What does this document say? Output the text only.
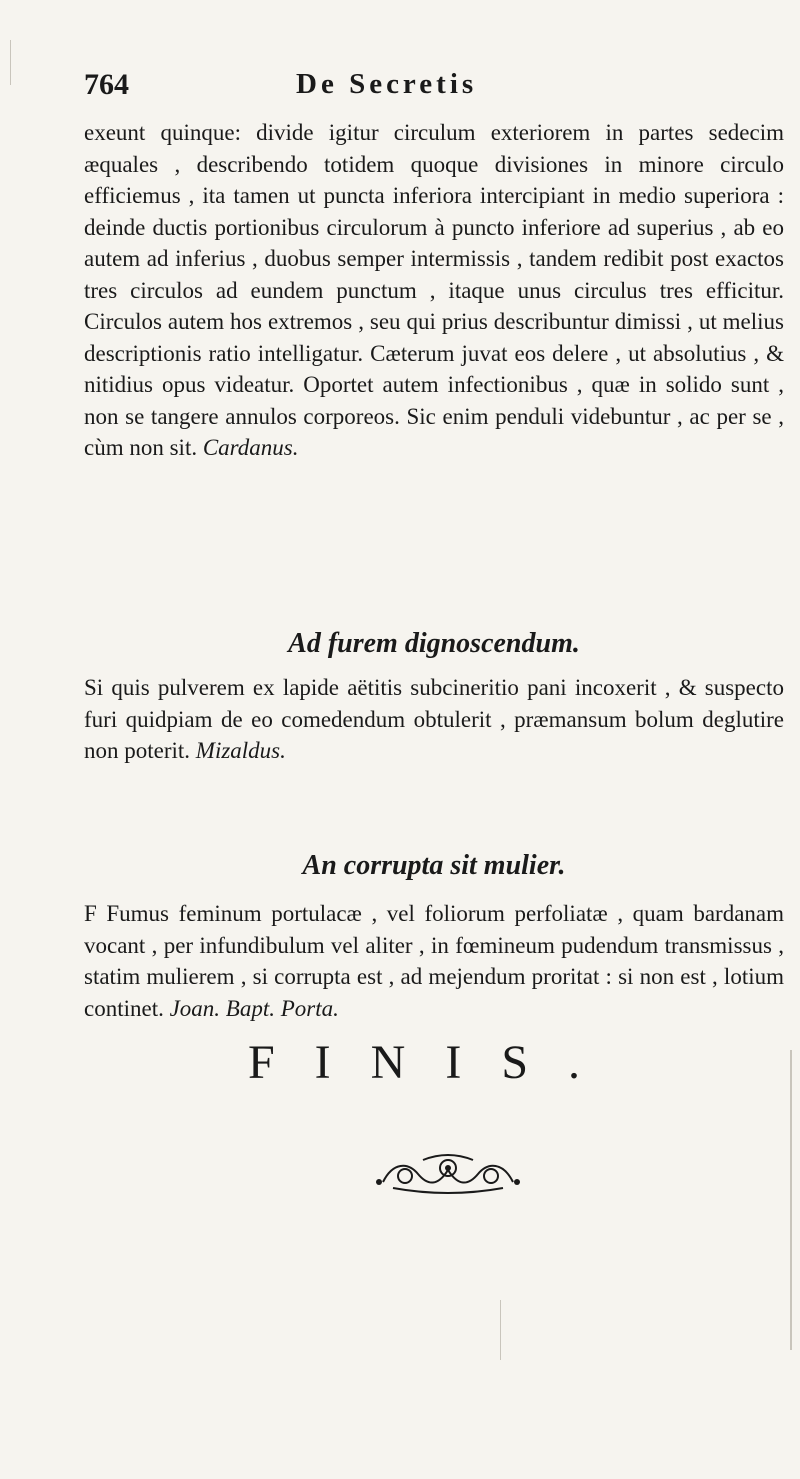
764	De Secretis

exeunt quinque: divide igitur circulum exteriorem in partes sedecim æquales , describendo totidem quoque divisiones in minore circulo efficiemus , ita tamen ut puncta inferiora intercipiant in medio superiora : deinde ductis portionibus circulorum à puncto inferiore ad superius , ab eo autem ad inferius , duobus semper intermissis , tandem redibit post exactos tres circulos ad eundem punctum , itaque unus circulus tres efficitur. Circulos autem hos extremos , seu qui prius describuntur dimissi , ut melius descriptionis ratio intelligatur. Cæterum juvat eos delere , ut absolutius , & nitidius opus videatur. Oportet autem infectionibus , quæ in solido sunt , non se tangere annulos corporeos. Sic enim penduli videbuntur , ac per se , cùm non sit. Cardanus.

Ad furem dignoscendum.

Si quis pulverem ex lapide aëtitis subcineritio pani incoxerit , & suspecto furi quidpiam de eo comedendum obtulerit , præmansum bolum deglutire non poterit. Mizaldus.

An corrupta sit mulier.

F Fumus feminum portulacæ , vel foliorum perfoliatæ , quam bardanam vocant , per infundibulum vel aliter , in fœmineum pudendum transmissus , statim mulierem , si corrupta est , ad mejendum proritat : si non est , lotium continet. Joan. Bapt. Porta.

FINIS.
